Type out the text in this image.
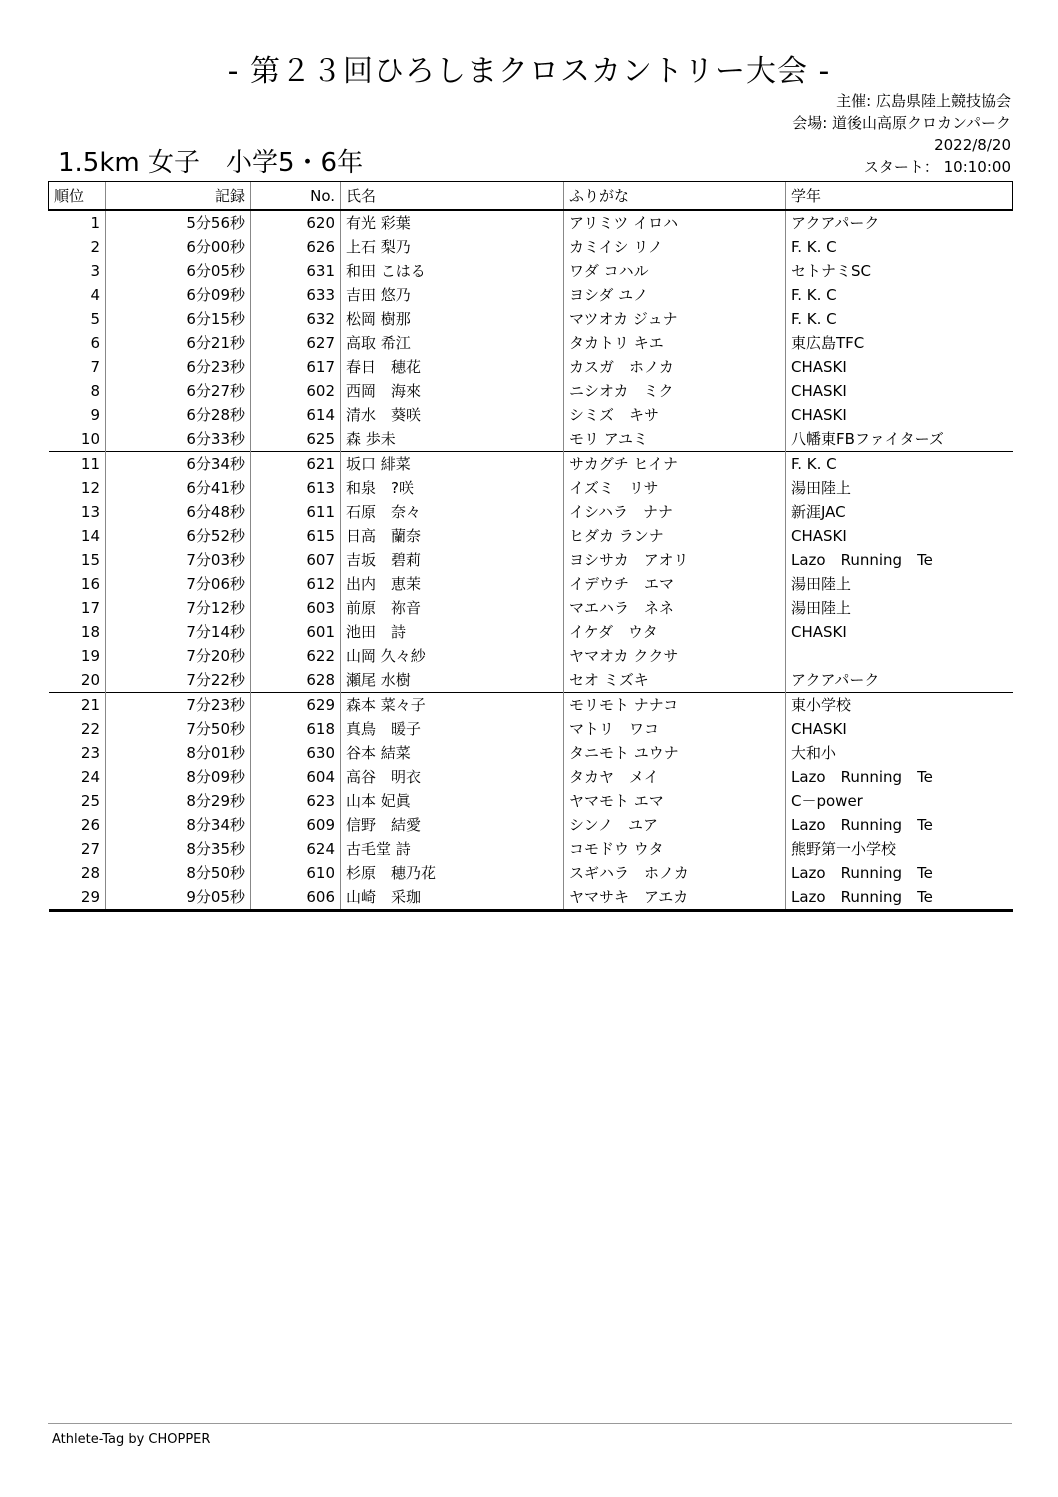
- 第２３回ひろしまクロスカントリー大会 -
主催: 広島県陸上競技協会
会場: 道後山高原クロカンパーク
2022/8/20
スタート： 10:10:00
1.5km 女子　小学5・6年
順位	記録	No.	氏名	ふりがな	学年
1	5分56秒	620	有光 彩葉	アリミツ イロハ	アクアパーク
2	6分00秒	626	上石 梨乃	カミイシ リノ	F. K. C
3	6分05秒	631	和田 こはる	ワダ コハル	セトナミSC
4	6分09秒	633	吉田 悠乃	ヨシダ ユノ	F. K. C
5	6分15秒	632	松岡 樹那	マツオカ ジュナ	F. K. C
6	6分21秒	627	高取 希江	タカトリ キエ	東広島TFC
7	6分23秒	617	春日　穂花	カスガ　ホノカ	CHASKI
8	6分27秒	602	西岡　海來	ニシオカ　ミク	CHASKI
9	6分28秒	614	清水　葵咲	シミズ　キサ	CHASKI
10	6分33秒	625	森 歩未	モリ アユミ	八幡東FBファイターズ
11	6分34秒	621	坂口 緋菜	サカグチ ヒイナ	F. K. C
12	6分41秒	613	和泉　?咲	イズミ　リサ	湯田陸上
13	6分48秒	611	石原　奈々	イシハラ　ナナ	新涯JAC
14	6分52秒	615	日高　蘭奈	ヒダカ ランナ	CHASKI
15	7分03秒	607	吉坂　碧莉	ヨシサカ　アオリ	Lazo　Running　Te
16	7分06秒	612	出内　恵茉	イデウチ　エマ	湯田陸上
17	7分12秒	603	前原　祢音	マエハラ　ネネ	湯田陸上
18	7分14秒	601	池田　詩	イケダ　ウタ	CHASKI
19	7分20秒	622	山岡 久々紗	ヤマオカ ククサ	
20	7分22秒	628	瀬尾 水樹	セオ ミズキ	アクアパーク
21	7分23秒	629	森本 菜々子	モリモト ナナコ	東小学校
22	7分50秒	618	真鳥　暖子	マトリ　ワコ	CHASKI
23	8分01秒	630	谷本 結菜	タニモト ユウナ	大和小
24	8分09秒	604	高谷　明衣	タカヤ　メイ	Lazo　Running　Te
25	8分29秒	623	山本 妃眞	ヤマモト エマ	C－power
26	8分34秒	609	信野　結愛	シンノ　ユア	Lazo　Running　Te
27	8分35秒	624	古毛堂 詩	コモドウ ウタ	熊野第一小学校
28	8分50秒	610	杉原　穂乃花	スギハラ　ホノカ	Lazo　Running　Te
29	9分05秒	606	山崎　采珈	ヤマサキ　アエカ	Lazo　Running　Te
Athlete-Tag by CHOPPER
